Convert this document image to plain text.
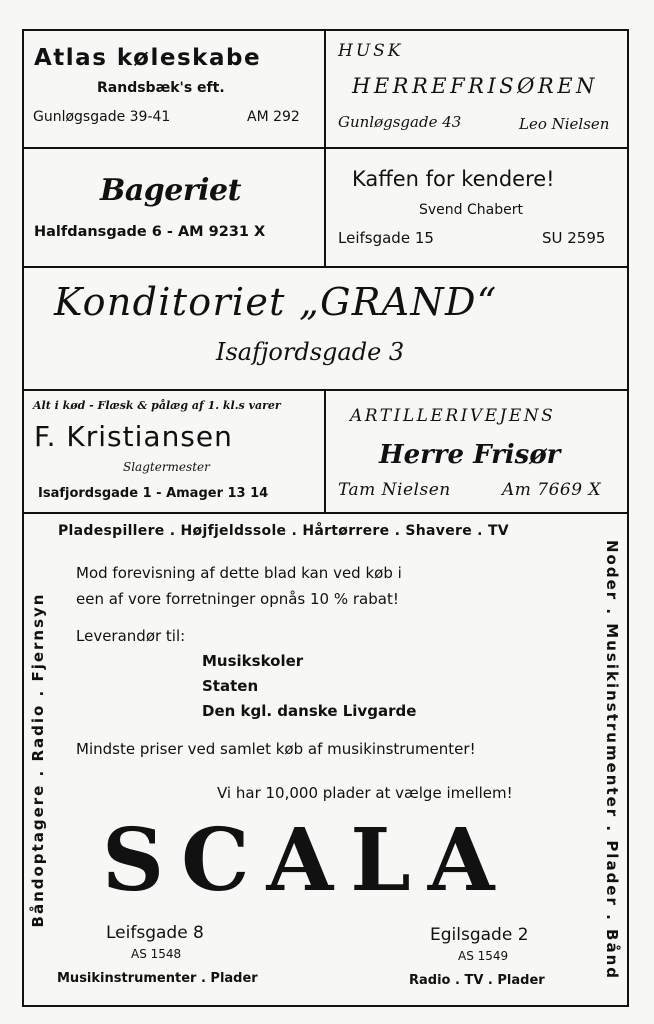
Atlas køleskabe
Randsbæk's eft.
Gunløgsgade 39-41	AM 292
HUSK
HERREFRISØREN
Gunløgsgade 43	Leo Nielsen
Bageriet
Halfdansgade 6 - AM 9231 X
Kaffen for kendere!
Svend Chabert
Leifsgade 15	SU 2595
Konditoriet „GRAND“
Isafjordsgade 3
Alt i kød - Flæsk & pålæg af 1. kl.s varer
F. Kristiansen
Slagtermester
Isafjordsgade 1 - Amager 13 14
ARTILLERIVEJENS
Herre Frisør
Tam Nielsen	Am 7669 X
Pladespillere . Højfjeldssole . Hårtørrere . Shavere . TV
Båndoptagere . Radio . Fjernsyn	Noder . Musikinstrumenter . Plader . Bånd
Mod forevisning af dette blad kan ved køb i
een af vore forretninger opnås 10 % rabat!
Leverandør til:
Musikskoler
Staten
Den kgl. danske Livgarde
Mindste priser ved samlet køb af musikinstrumenter!
Vi har 10,000 plader at vælge imellem!
SCALA
Leifsgade 8
AS 1548
Musikinstrumenter . Plader
Egilsgade 2
AS 1549
Radio . TV . Plader
